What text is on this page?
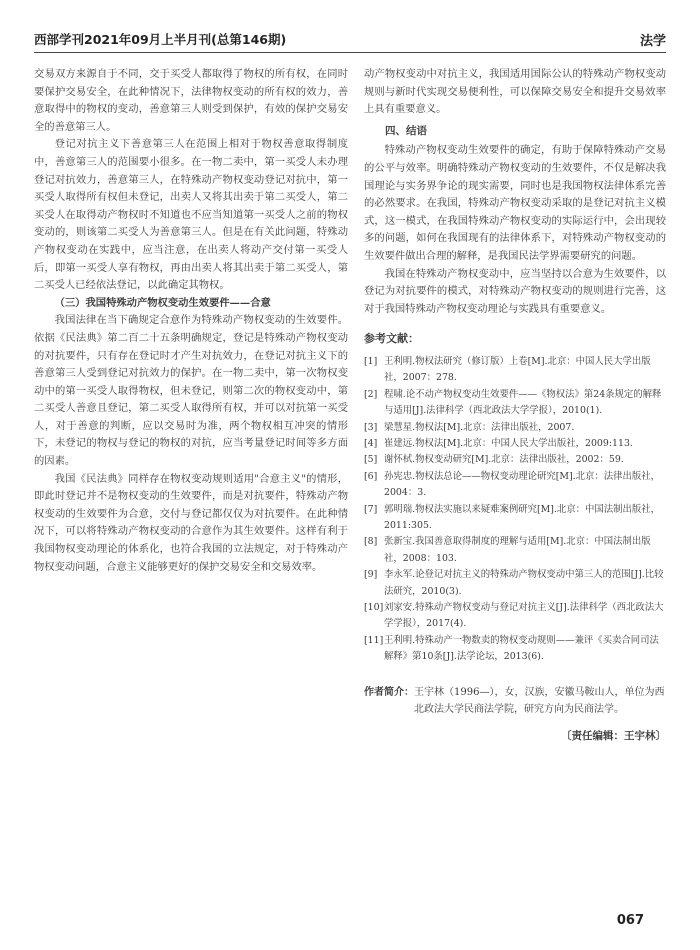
西部学刊2021年09月上半月刊(总第146期)	法学

交易双方来源自于不同，交于买受人都取得了物权的所有权，在同时要保护交易安全，在此种情况下，法律物权变动的所有权的效力，善意取得中的物权的变动，善意第三人则受到保护，有效的保护交易安全的善意第三人。

登记对抗主义下善意第三人在范围上相对于物权善意取得制度中，善意第三人的范围要小很多。在一物二卖中，第一买受人未办理登记对抗效力，善意第三人，在特殊动产物权变动登记对抗中，第一买受人取得所有权但未登记，出卖人又将其出卖于第二买受人，第二买受人在取得动产物权时不知道也不应当知道第一买受人之前的物权变动的，则该第二买受人为善意第三人。但是在有关此问题，特殊动产物权变动在实践中，应当注意，在出卖人将动产交付第一买受人后，即第一买受人享有物权，再由出卖人将其出卖于第二买受人，第二买受人已经依法登记，以此确定其物权。

（三）我国特殊动产物权变动生效要件——合意

我国法律在当下确规定合意作为特殊动产物权变动的生效要件。依据《民法典》第二百二十五条明确规定，登记是特殊动产物权变动的对抗要件，只有存在登记时才产生对抗效力，在登记对抗主义下的善意第三人受到登记对抗效力的保护。在一物二卖中，第一次物权变动中的第一买受人取得物权，但未登记，则第二次的物权变动中，第二买受人善意且登记，第二买受人取得所有权，并可以对抗第一买受人，对于善意的判断，应以交易时为准，两个物权相互冲突的情形下，未登记的物权与登记的物权的对抗，应当考量登记时间等多方面的因素。

我国《民法典》同样存在物权变动规则适用"合意主义"的情形，即此时登记并不是物权变动的生效要件，而是对抗要件，特殊动产物权变动的生效要件为合意，交付与登记都仅仅为对抗要件。在此种情况下，可以将特殊动产物权变动的合意作为其生效要件。这样有利于我国物权变动理论的体系化，也符合我国的立法规定，对于特殊动产物权变动问题，合意主义能够更好的保护交易安全和交易效率。

动产物权变动中对抗主义，我国适用国际公认的特殊动产物权变动规则与新时代实现交易便利性，可以保障交易安全和提升交易效率上具有重要意义。

四、结语

特殊动产物权变动生效要件的确定，有助于保障特殊动产交易的公平与效率。明确特殊动产物权变动的生效要件，不仅是解决我国理论与实务界争论的现实需要，同时也是我国物权法律体系完善的必然要求。在我国，特殊动产物权变动采取的是登记对抗主义模式，这一模式，在我国特殊动产物权变动的实际运行中，会出现较多的问题，如何在我国现有的法律体系下，对特殊动产物权变动的生效要件做出合理的解释，是我国民法学界需要研究的问题。

我国在特殊动产物权变动中，应当坚持以合意为生效要件，以登记为对抗要件的模式，对特殊动产物权变动的规则进行完善，这对于我国特殊动产物权变动理论与实践具有重要意义。

参考文献：
[1] 王利明.物权法研究（修订版）上卷[M].北京：中国人民大学出版社，2007：278.
[2] 程啸.论不动产物权变动生效要件——《物权法》第24条规定的解释与适用[J].法律科学（西北政法大学学报），2010(1).
[3] 梁慧星.物权法[M].北京：法律出版社，2007.
[4] 崔建远.物权法[M].北京：中国人民大学出版社，2009:113.
[5] 谢怀栻.物权变动研究[M].北京：法律出版社，2002：59.
[6] 孙宪忠.物权法总论——物权变动理论研究[M].北京：法律出版社，2004：3.
[7] 郭明瑞.物权法实施以来疑难案例研究[M].北京：中国法制出版社，2011:305.
[8] 张新宝.我国善意取得制度的理解与适用[M].北京：中国法制出版社，2008：103.
[9] 李永军.论登记对抗主义的特殊动产物权变动中第三人的范围[J].比较法研究，2010(3).
[10] 刘家安.特殊动产物权变动与登记对抗主义[J].法律科学（西北政法大学学报），2017(4).
[11] 王利明.特殊动产一物数卖的物权变动规则——兼评《买卖合同司法解释》第10条[J].法学论坛，2013(6).
作者简介： 王宇林（1996—），女，汉族，安徽马鞍山人，单位为西北政法大学民商法学院，研究方向为民商法学。
〔责任编辑：王宇林〕
067
